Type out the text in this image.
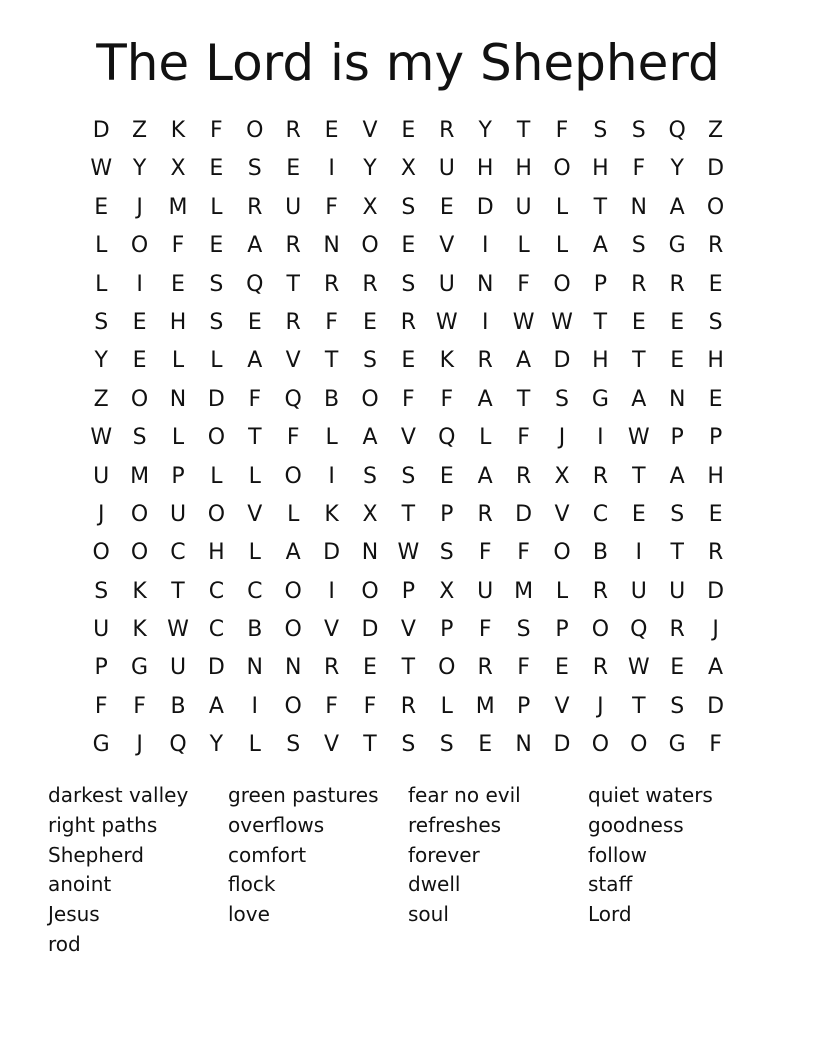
The Lord is my Shepherd
D	Z	K	F	O	R	E	V	E	R	Y	T	F	S	S	Q	Z
W Y	X	E	S	E	I	Y	X	U	H H O H	F	Y	D
E	J	M	L	R	U	F	X	S	E	D U	L	T	N	A	O
L	O	F	E	A	R	N O	E	V	I	L	L	A	S	G	R
L	I	E	S	Q	T	R	R	S	U	N	F	O	P	R	R	E
S	E	H	S	E	R	F	E	R W	I	W W T	E	E	S
Y	E	L	L	A	V	T	S	E	K	R	A	D H	T	E	H
Z	O N D	F	Q	B	O	F	F	A	T	S	G	A	N	E
W S	L	O	T	F	L	A	V	Q	L	F	J	I	W P	P
U M	P	L	L	O	I	S	S	E	A	R	X	R	T	A	H
J	O U O	V	L	K	X	T	P	R	D	V	C	E	S	E
O O	C	H	L	A	D N W S	F	F	O	B	I	T	R
S	K	T	C	C	O	I	O	P	X	U M	L	R	U	U D
U	K W C	B	O	V	D	V	P	F	S	P	O Q	R	J
P	G U D N N	R	E	T	O	R	F	E	R W E	A
F	F	B	A	I	O	F	F	R	L	M	P	V	J	T	S	D
G	J	Q	Y	L	S	V	T	S	S	E	N D O O G	F
darkest valley
right paths
Shepherd
anoint
Jesus
rod
green pastures
overflows
comfort
flock
love
fear no evil
refreshes
forever
dwell
soul
quiet waters
goodness
follow
staff
Lord
